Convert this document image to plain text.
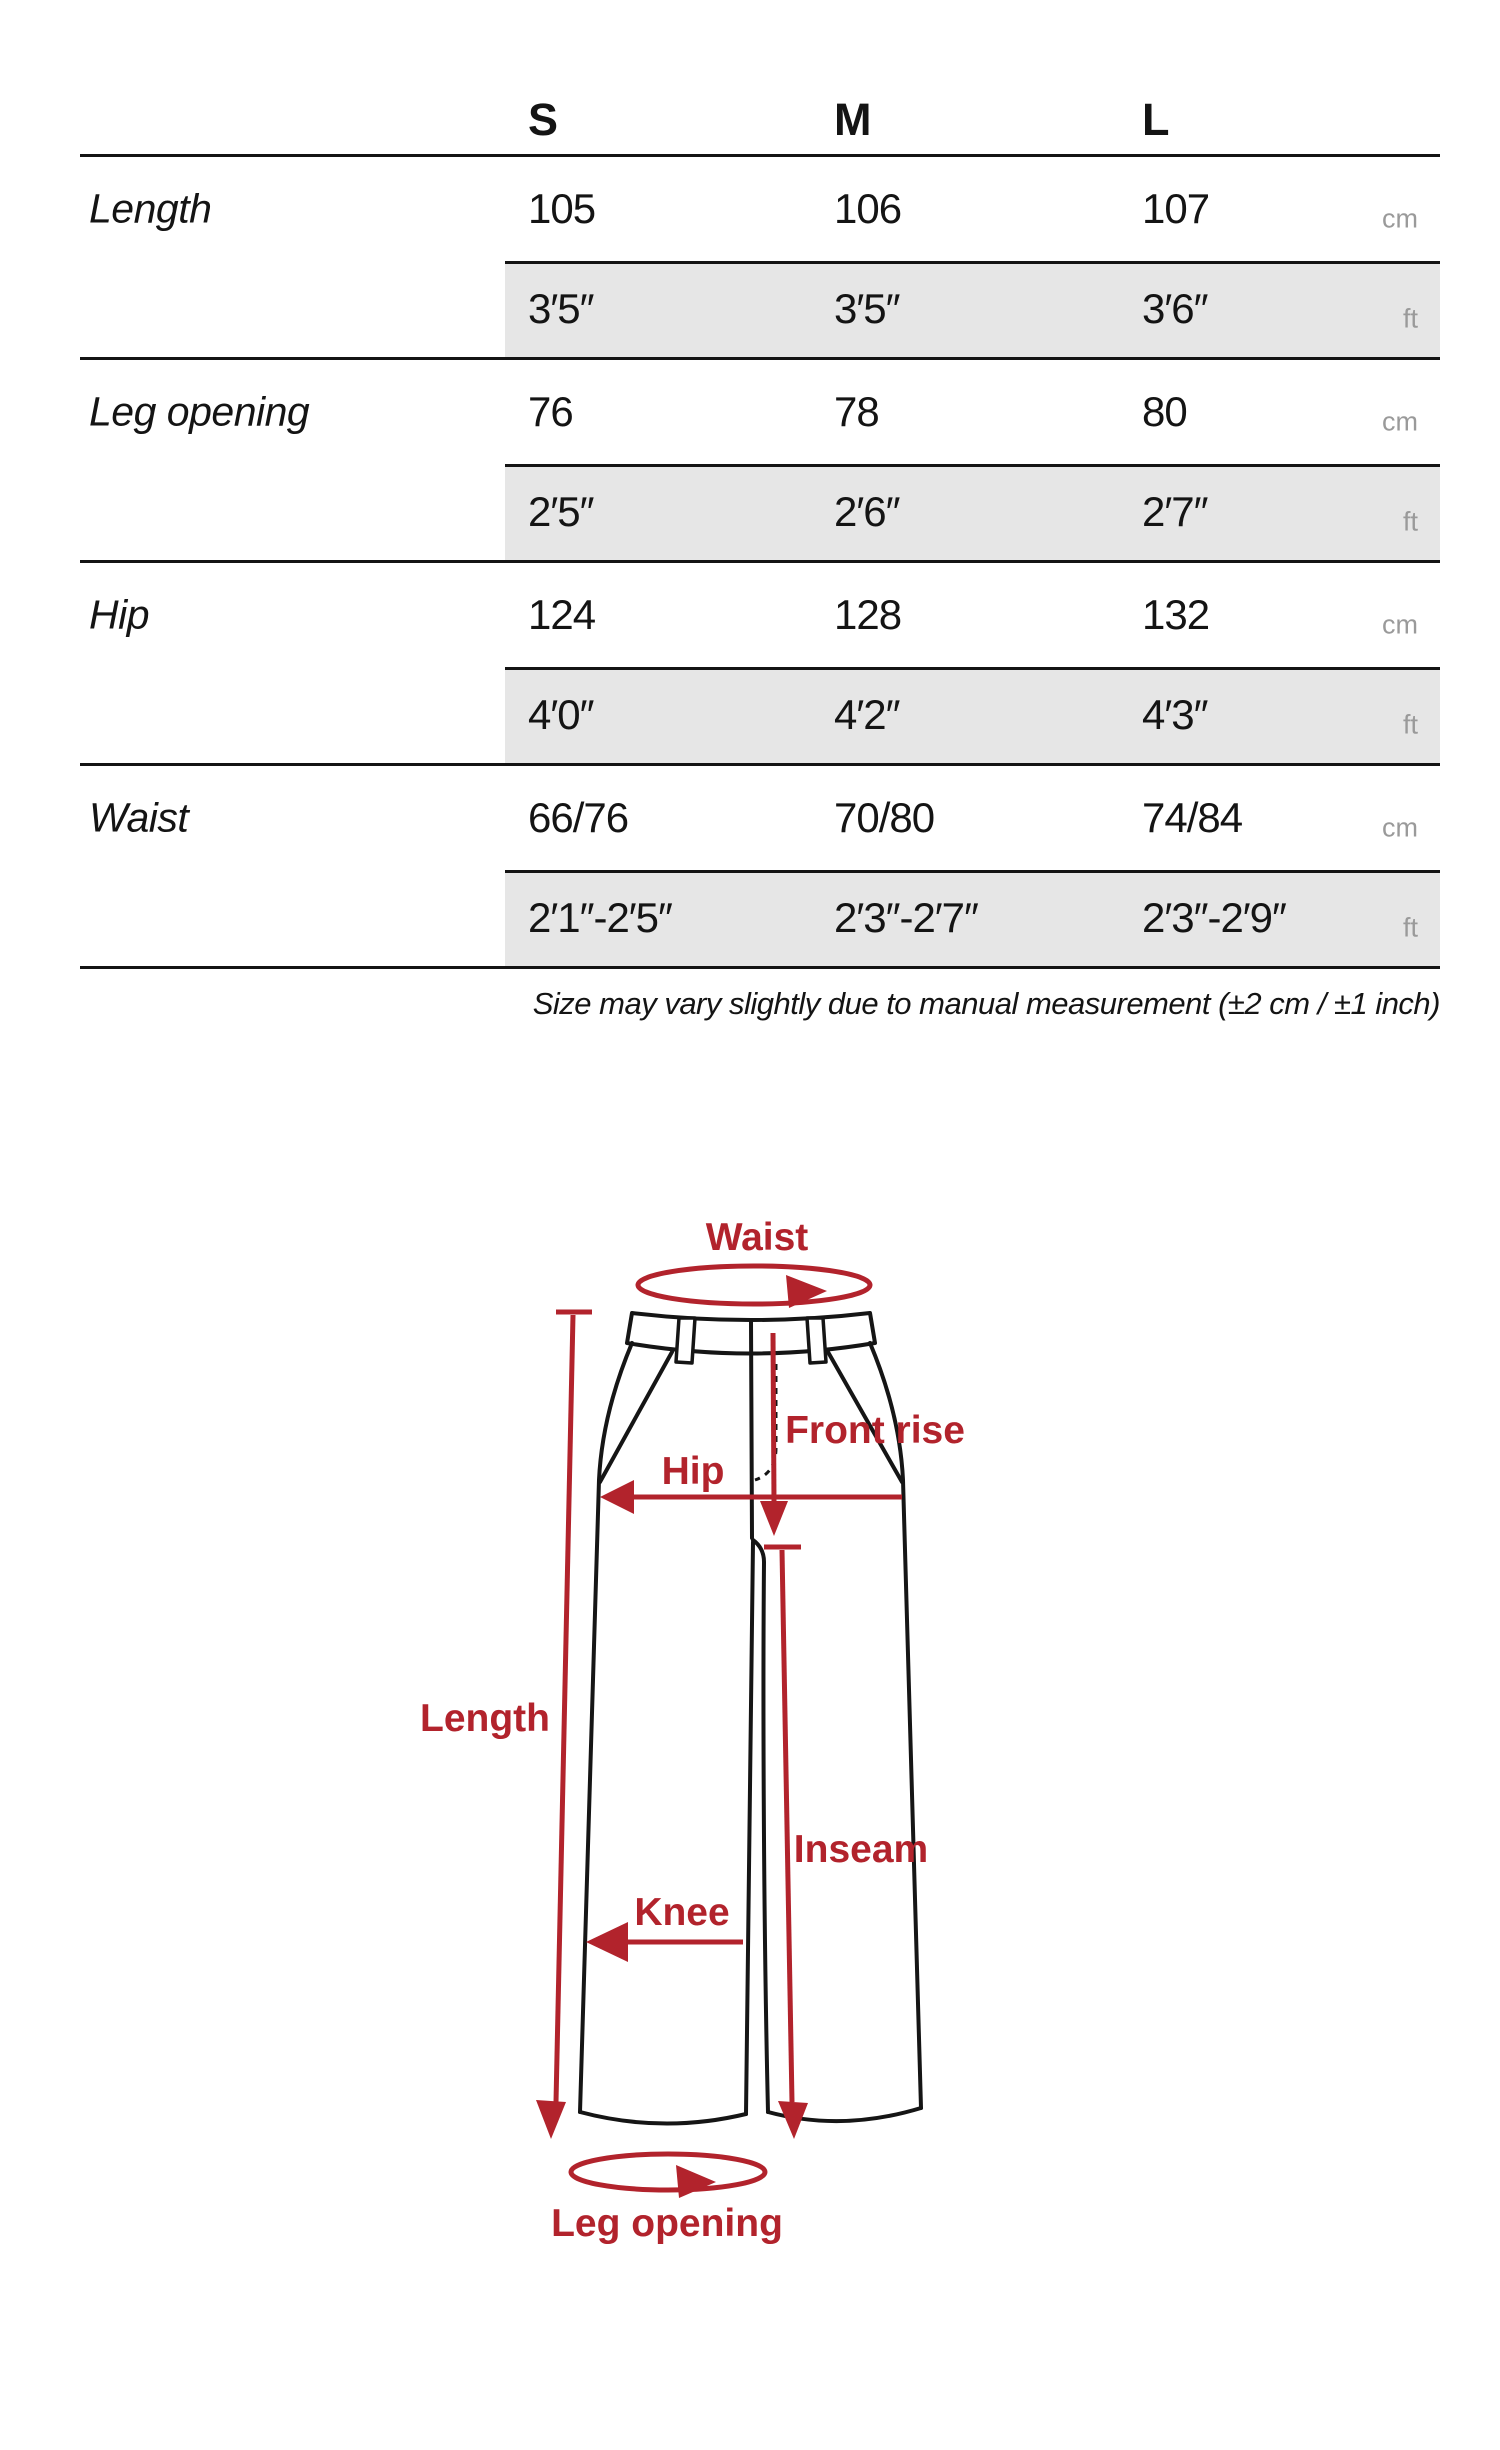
S	M	L
Length	105	106	107	cm
3′5″	3′5″	3′6″	ft
Leg opening	76	78	80	cm
2′5″	2′6″	2′7″	ft
Hip	124	128	132	cm
4′0″	4′2″	4′3″	ft
Waist	66/76	70/80	74/84	cm
2′1″-2′5″	2′3″-2′7″	2′3″-2′9″	ft
Size may vary slightly due to manual measurement (±2 cm / ±1 inch)
Waist
Front rise
Hip
Length
Knee
Inseam
Leg opening
